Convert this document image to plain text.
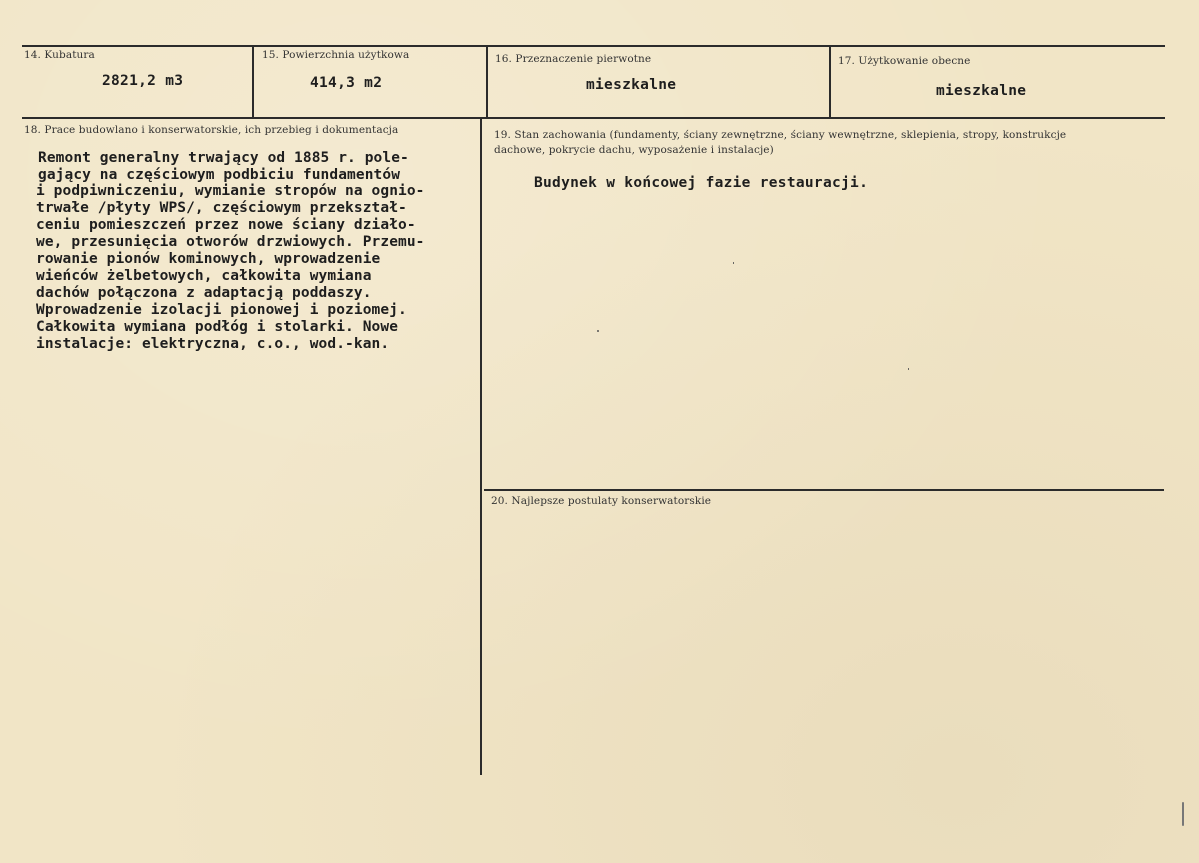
14. Kubatura
2821,2 m3
15. Powierzchnia użytkowa
414,3 m2
16. Przeznaczenie pierwotne
mieszkalne
17. Użytkowanie obecne
mieszkalne
18. Prace budowlano i konserwatorskie, ich przebieg i dokumentacja
Remont generalny trwający od 1885 r. pole-
gający na częściowym podbiciu fundamentów
i podpiwniczeniu, wymianie stropów na ognio-
trwałe /płyty WPS/, częściowym przekształ-
ceniu pomieszczeń przez nowe ściany działo-
we, przesunięcia otworów drzwiowych. Przemu-
rowanie pionów kominowych, wprowadzenie
wieńców żelbetowych, całkowita wymiana
dachów połączona z adaptacją poddaszy.
Wprowadzenie izolacji pionowej i poziomej.
Całkowita wymiana podłóg i stolarki. Nowe
instalacje: elektryczna, c.o., wod.-kan.
19. Stan zachowania (fundamenty, ściany zewnętrzne, ściany wewnętrzne, sklepienia, stropy, konstrukcje dachowe, pokrycie dachu, wyposażenie i instalacje)
Budynek w końcowej fazie restauracji.
20. Najlepsze postulaty konserwatorskie
